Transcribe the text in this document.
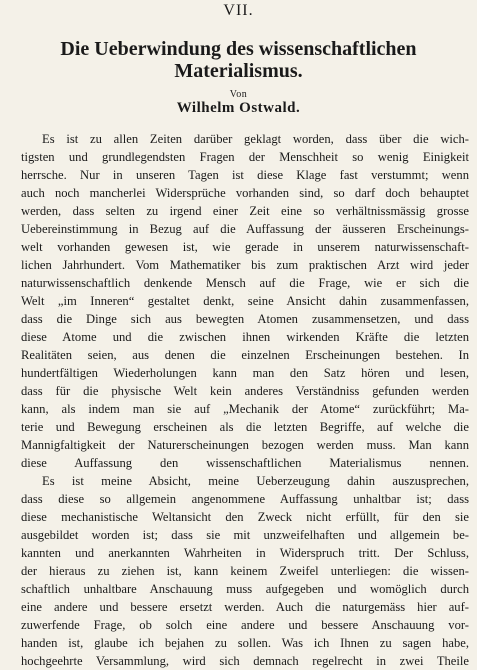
VII.
Die Ueberwindung des wissenschaftlichen
Materialismus.
Von
Wilhelm Ostwald.
Es ist zu allen Zeiten darüber geklagt worden, dass über die wich-
tigsten und grundlegendsten Fragen der Menschheit so wenig Einigkeit
herrsche. Nur in unseren Tagen ist diese Klage fast verstummt; wenn
auch noch mancherlei Widersprüche vorhanden sind, so darf doch behauptet
werden, dass selten zu irgend einer Zeit eine so verhältnissmässig grosse
Uebereinstimmung in Bezug auf die Auffassung der äusseren Erscheinungs-
welt vorhanden gewesen ist, wie gerade in unserem naturwissenschaft-
lichen Jahrhundert. Vom Mathematiker bis zum praktischen Arzt wird jeder
naturwissenschaftlich denkende Mensch auf die Frage, wie er sich die
Welt „im Inneren“ gestaltet denkt, seine Ansicht dahin zusammenfassen,
dass die Dinge sich aus bewegten Atomen zusammensetzen, und dass
diese Atome und die zwischen ihnen wirkenden Kräfte die letzten
Realitäten seien, aus denen die einzelnen Erscheinungen bestehen. In
hundertfältigen Wiederholungen kann man den Satz hören und lesen,
dass für die physische Welt kein anderes Verständniss gefunden werden
kann, als indem man sie auf „Mechanik der Atome“ zurückführt; Ma-
terie und Bewegung erscheinen als die letzten Begriffe, auf welche die
Mannigfaltigkeit der Naturerscheinungen bezogen werden muss. Man kann
diese Auffassung den wissenschaftlichen Materialismus nennen.
Es ist meine Absicht, meine Ueberzeugung dahin auszusprechen,
dass diese so allgemein angenommene Auffassung unhaltbar ist; dass
diese mechanistische Weltansicht den Zweck nicht erfüllt, für den sie
ausgebildet worden ist; dass sie mit unzweifelhaften und allgemein be-
kannten und anerkannten Wahrheiten in Widerspruch tritt. Der Schluss,
der hieraus zu ziehen ist, kann keinem Zweifel unterliegen: die wissen-
schaftlich unhaltbare Anschauung muss aufgegeben und womöglich durch
eine andere und bessere ersetzt werden. Auch die naturgemäss hier auf-
zuwerfende Frage, ob solch eine andere und bessere Anschauung vor-
handen ist, glaube ich bejahen zu sollen. Was ich Ihnen zu sagen habe,
hochgeehrte Versammlung, wird sich demnach regelrecht in zwei Theile
